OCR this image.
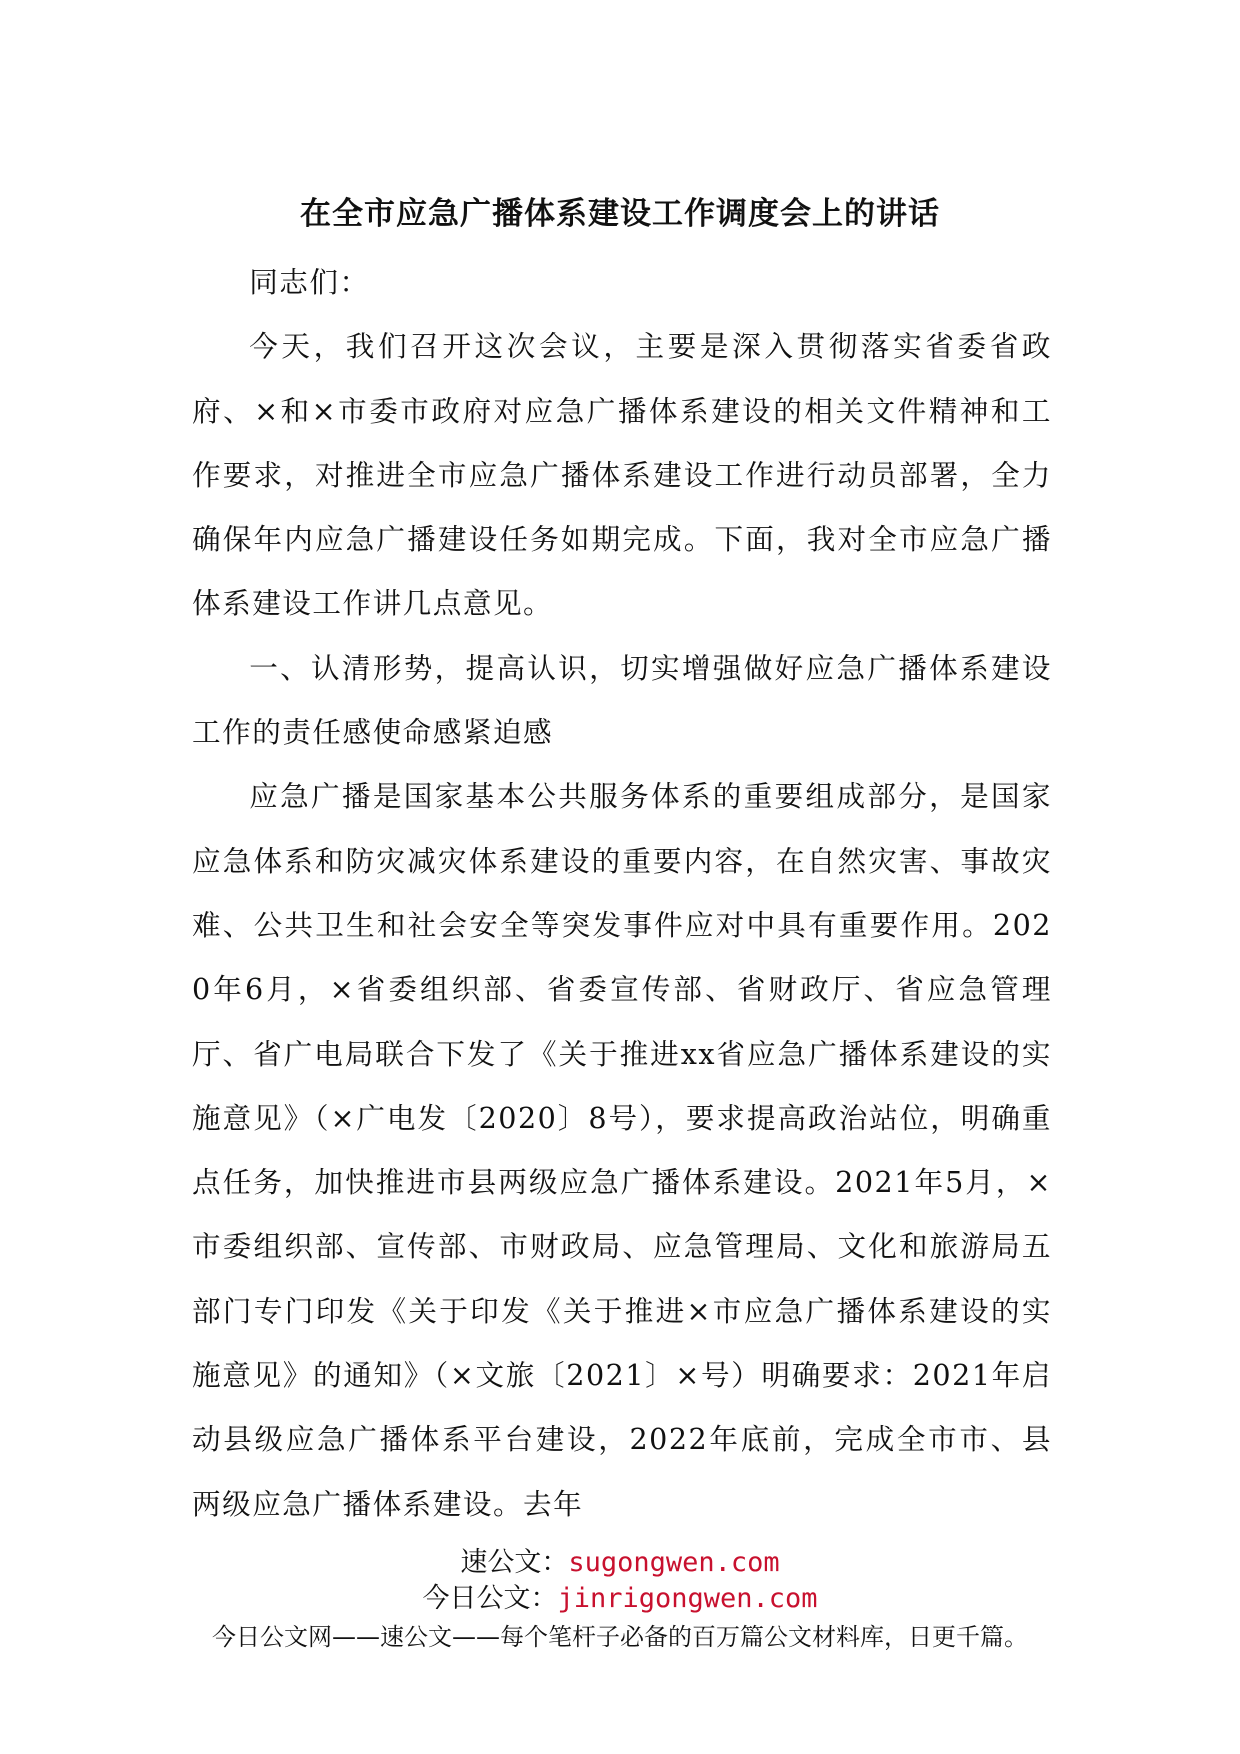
在全市应急广播体系建设工作调度会上的讲话

同志们：

今天，我们召开这次会议，主要是深入贯彻落实省委省政府、×和×市委市政府对应急广播体系建设的相关文件精神和工作要求，对推进全市应急广播体系建设工作进行动员部署，全力确保年内应急广播建设任务如期完成。下面，我对全市应急广播体系建设工作讲几点意见。

一、认清形势，提高认识，切实增强做好应急广播体系建设工作的责任感使命感紧迫感

应急广播是国家基本公共服务体系的重要组成部分，是国家应急体系和防灾减灾体系建设的重要内容，在自然灾害、事故灾难、公共卫生和社会安全等突发事件应对中具有重要作用。2020年6月，×省委组织部、省委宣传部、省财政厅、省应急管理厅、省广电局联合下发了《关于推进xx省应急广播体系建设的实施意见》（×广电发〔2020〕8号），要求提高政治站位，明确重点任务，加快推进市县两级应急广播体系建设。2021年5月，×市委组织部、宣传部、市财政局、应急管理局、文化和旅游局五部门专门印发《关于印发《关于推进×市应急广播体系建设的实施意见》的通知》（×文旅〔2021〕×号）明确要求：2021年启动县级应急广播体系平台建设，2022年底前，完成全市市、县两级应急广播体系建设。去年

速公文：sugongwen.com
今日公文：jinrigongwen.com
今日公文网——速公文——每个笔杆子必备的百万篇公文材料库，日更千篇。
